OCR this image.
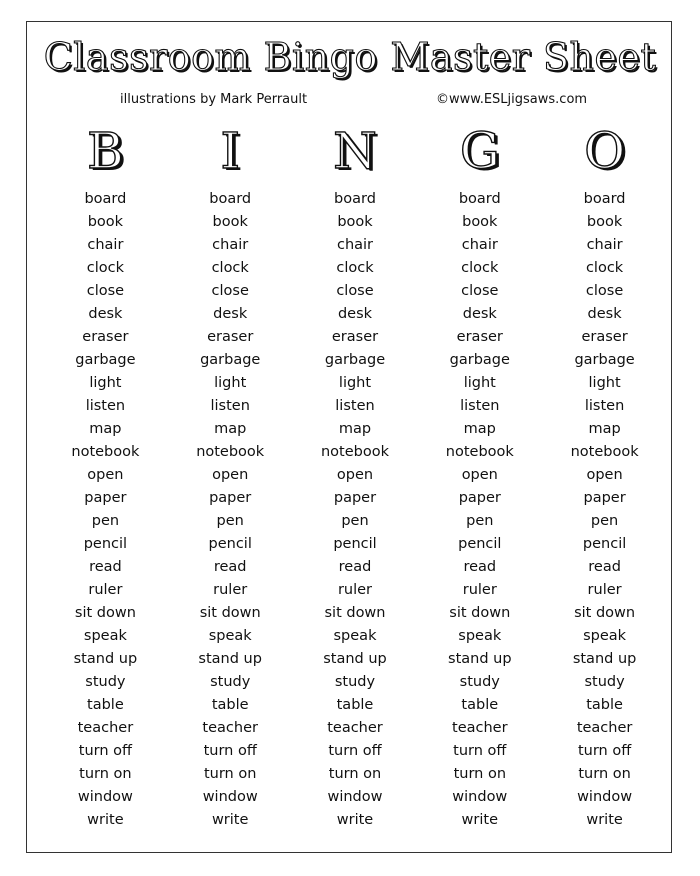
Classroom Bingo Master Sheet
illustrations by Mark Perrault	©www.ESLjigsaws.com
B
board
book
chair
clock
close
desk
eraser
garbage
light
listen
map
notebook
open
paper
pen
pencil
read
ruler
sit down
speak
stand up
study
table
teacher
turn off
turn on
window
write
I
board
book
chair
clock
close
desk
eraser
garbage
light
listen
map
notebook
open
paper
pen
pencil
read
ruler
sit down
speak
stand up
study
table
teacher
turn off
turn on
window
write
N
board
book
chair
clock
close
desk
eraser
garbage
light
listen
map
notebook
open
paper
pen
pencil
read
ruler
sit down
speak
stand up
study
table
teacher
turn off
turn on
window
write
G
board
book
chair
clock
close
desk
eraser
garbage
light
listen
map
notebook
open
paper
pen
pencil
read
ruler
sit down
speak
stand up
study
table
teacher
turn off
turn on
window
write
O
board
book
chair
clock
close
desk
eraser
garbage
light
listen
map
notebook
open
paper
pen
pencil
read
ruler
sit down
speak
stand up
study
table
teacher
turn off
turn on
window
write
